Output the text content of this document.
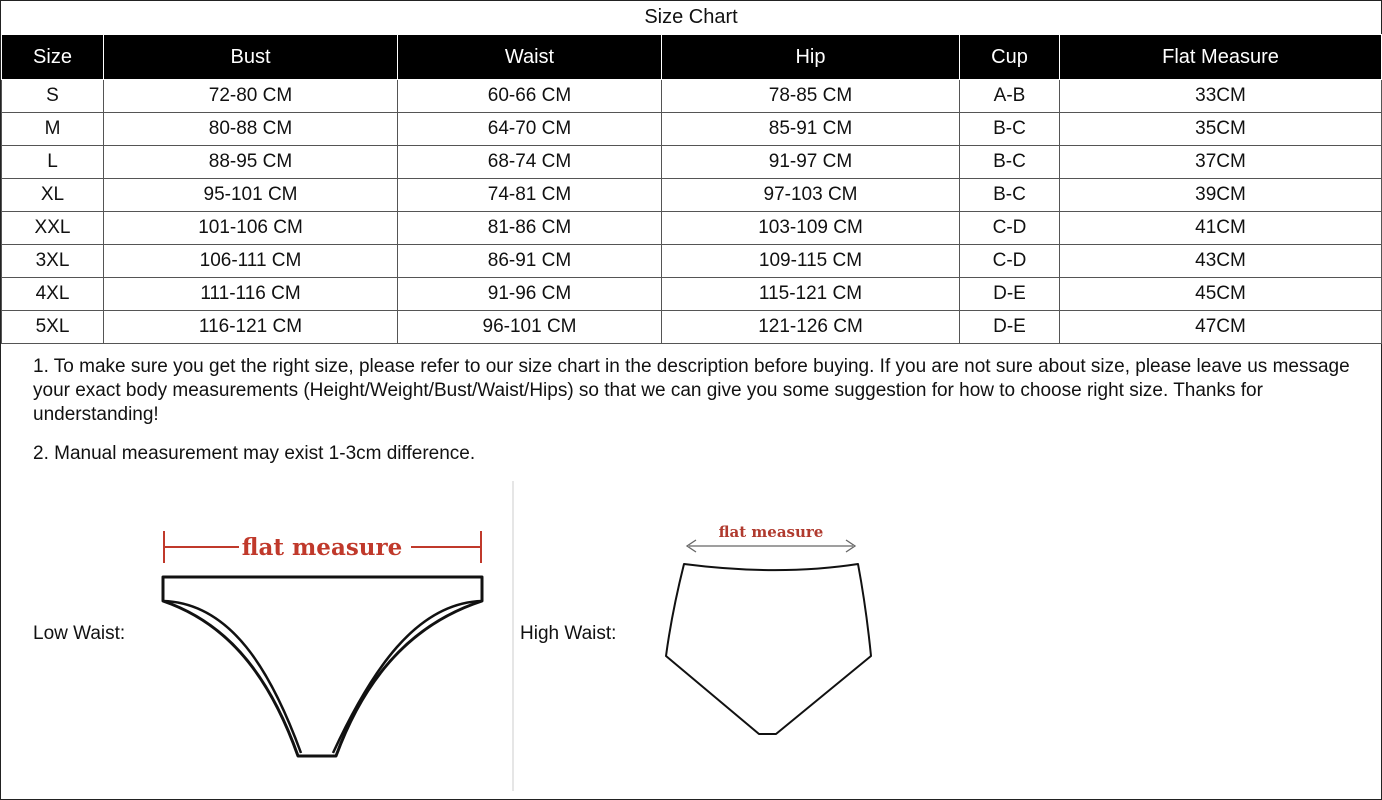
Size Chart
Size	Bust	Waist	Hip	Cup	Flat Measure
S	72-80 CM	60-66 CM	78-85 CM	A-B	33CM
M	80-88 CM	64-70 CM	85-91 CM	B-C	35CM
L	88-95 CM	68-74 CM	91-97 CM	B-C	37CM
XL	95-101 CM	74-81 CM	97-103 CM	B-C	39CM
XXL	101-106 CM	81-86 CM	103-109 CM	C-D	41CM
3XL	106-111 CM	86-91 CM	109-115 CM	C-D	43CM
4XL	111-116 CM	91-96 CM	115-121 CM	D-E	45CM
5XL	116-121 CM	96-101 CM	121-126 CM	D-E	47CM

1. To make sure you get the right size, please refer to our size chart in the description before buying. If you are not sure about size, please leave us message your exact body measurements (Height/Weight/Bust/Waist/Hips) so that we can give you some suggestion for how to choose right size. Thanks for understanding!

2. Manual measurement may exist 1-3cm difference.

Low Waist:	High Waist:
flat measure
flat measure
